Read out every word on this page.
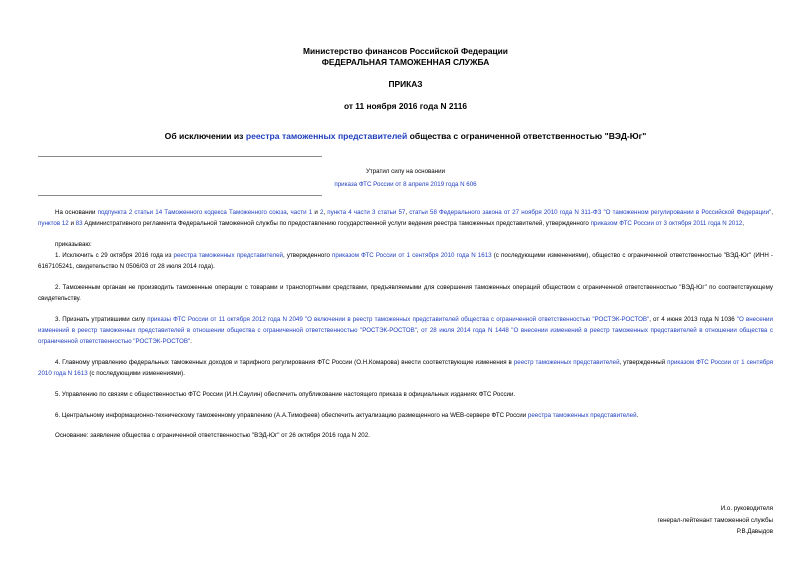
Министерство финансов Российской Федерации
ФЕДЕРАЛЬНАЯ ТАМОЖЕННАЯ СЛУЖБА
ПРИКАЗ
от 11 ноября 2016 года N 2116
Об исключении из реестра таможенных представителей общества с ограниченной ответственностью "ВЭД-Юг"
Утратил силу на основании
приказа ФТС России от 8 апреля 2019 года N 606

На основании подпункта 2 статьи 14 Таможенного кодекса Таможенного союза, части 1 и 2, пункта 4 части 3 статьи 57, статьи 58 Федерального закона от 27 ноября 2010 года N 311-ФЗ "О таможенном регулировании в Российской Федерации", пунктов 12 и 83 Административного регламента Федеральной таможенной службы по предоставлению государственной услуги ведения реестра таможенных представителей, утвержденного приказом ФТС России от 3 октября 2011 года N 2012,

приказываю:

1. Исключить с 29 октября 2016 года из реестра таможенных представителей, утвержденного приказом ФТС России от 1 сентября 2010 года N 1613 (с последующими изменениями), общество с ограниченной ответственностью "ВЭД-Юг" (ИНН - 6167105241, свидетельство N 0506/03 от 28 июля 2014 года).

2. Таможенным органам не производить таможенные операции с товарами и транспортными средствами, предъявляемыми для совершения таможенных операций обществом с ограниченной ответственностью "ВЭД-Юг" по соответствующему свидетельству.

3. Признать утратившими силу приказы ФТС России от 11 октября 2012 года N 2049 "О включении в реестр таможенных представителей общества с ограниченной ответственностью "РОСТЭК-РОСТОВ", от 4 июня 2013 года N 1036 "О внесении изменений в реестр таможенных представителей в отношении общества с ограниченной ответственностью "РОСТЭК-РОСТОВ", от 28 июля 2014 года N 1448 "О внесении изменений в реестр таможенных представителей в отношении общества с ограниченной ответственностью "РОСТЭК-РОСТОВ".

4. Главному управлению федеральных таможенных доходов и тарифного регулирования ФТС России (О.Н.Комарова) внести соответствующие изменения в реестр таможенных представителей, утвержденный приказом ФТС России от 1 сентября 2010 года N 1613 (с последующими изменениями).

5. Управлению по связям с общественностью ФТС России (И.Н.Саулин) обеспечить опубликование настоящего приказа в официальных изданиях ФТС России.

6. Центральному информационно-техническому таможенному управлению (А.А.Тимофеев) обеспечить актуализацию размещенного на WEB-сервере ФТС России реестра таможенных представителей.

Основание: заявление общества с ограниченной ответственностью "ВЭД-Юг" от 26 октября 2016 года N 202.

И.о. руководителя
генерал-лейтенант таможенной службы
Р.В.Давыдов
